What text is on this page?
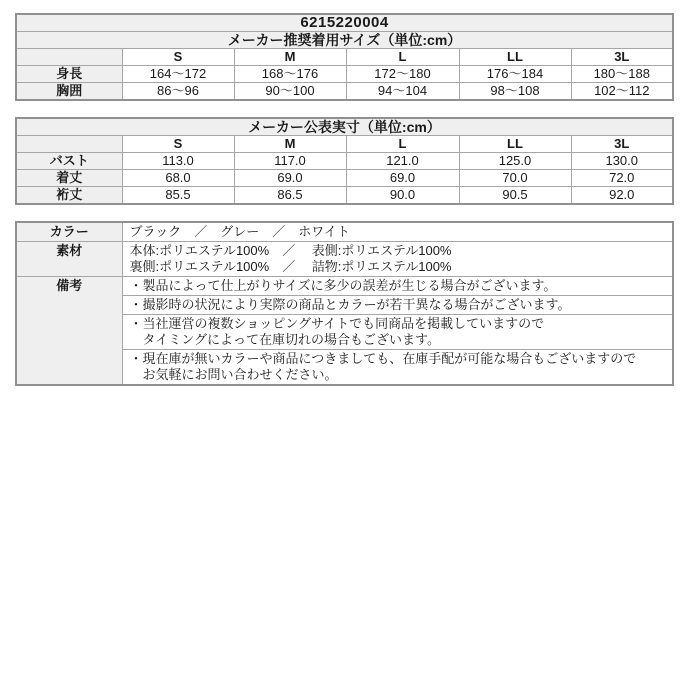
6215220004					
メーカー推奨着用サイズ（単位:cm）					
	S	M	L	LL	3L
身長	164～172	168～176	172～180	176～184	180～188
胸囲	86～96	90～100	94～104	98～108	102～112
メーカー公表実寸（単位:cm）					
	S	M	L	LL	3L
バスト	113.0	117.0	121.0	125.0	130.0
着丈	68.0	69.0	69.0	70.0	72.0
裄丈	85.5	86.5	90.0	90.5	92.0
カラー	ブラック　／　グレー　／　ホワイト
素材	本体:ポリエステル100%　／　 表側:ポリエステル100%
裏側:ポリエステル100%　／　 詰物:ポリエステル100%

備考	・製品によって仕上がりサイズに多少の誤差が生じる場合がございます。
	・撮影時の状況により実際の商品とカラーが若干異なる場合がございます。

	・当社運営の複数ショッピングサイトでも同商品を掲載していますので
タイミングによって在庫切れの場合もございます。

	・現在庫が無いカラーや商品につきましても、在庫手配が可能な場合もございますので
お気軽にお問い合わせください。
